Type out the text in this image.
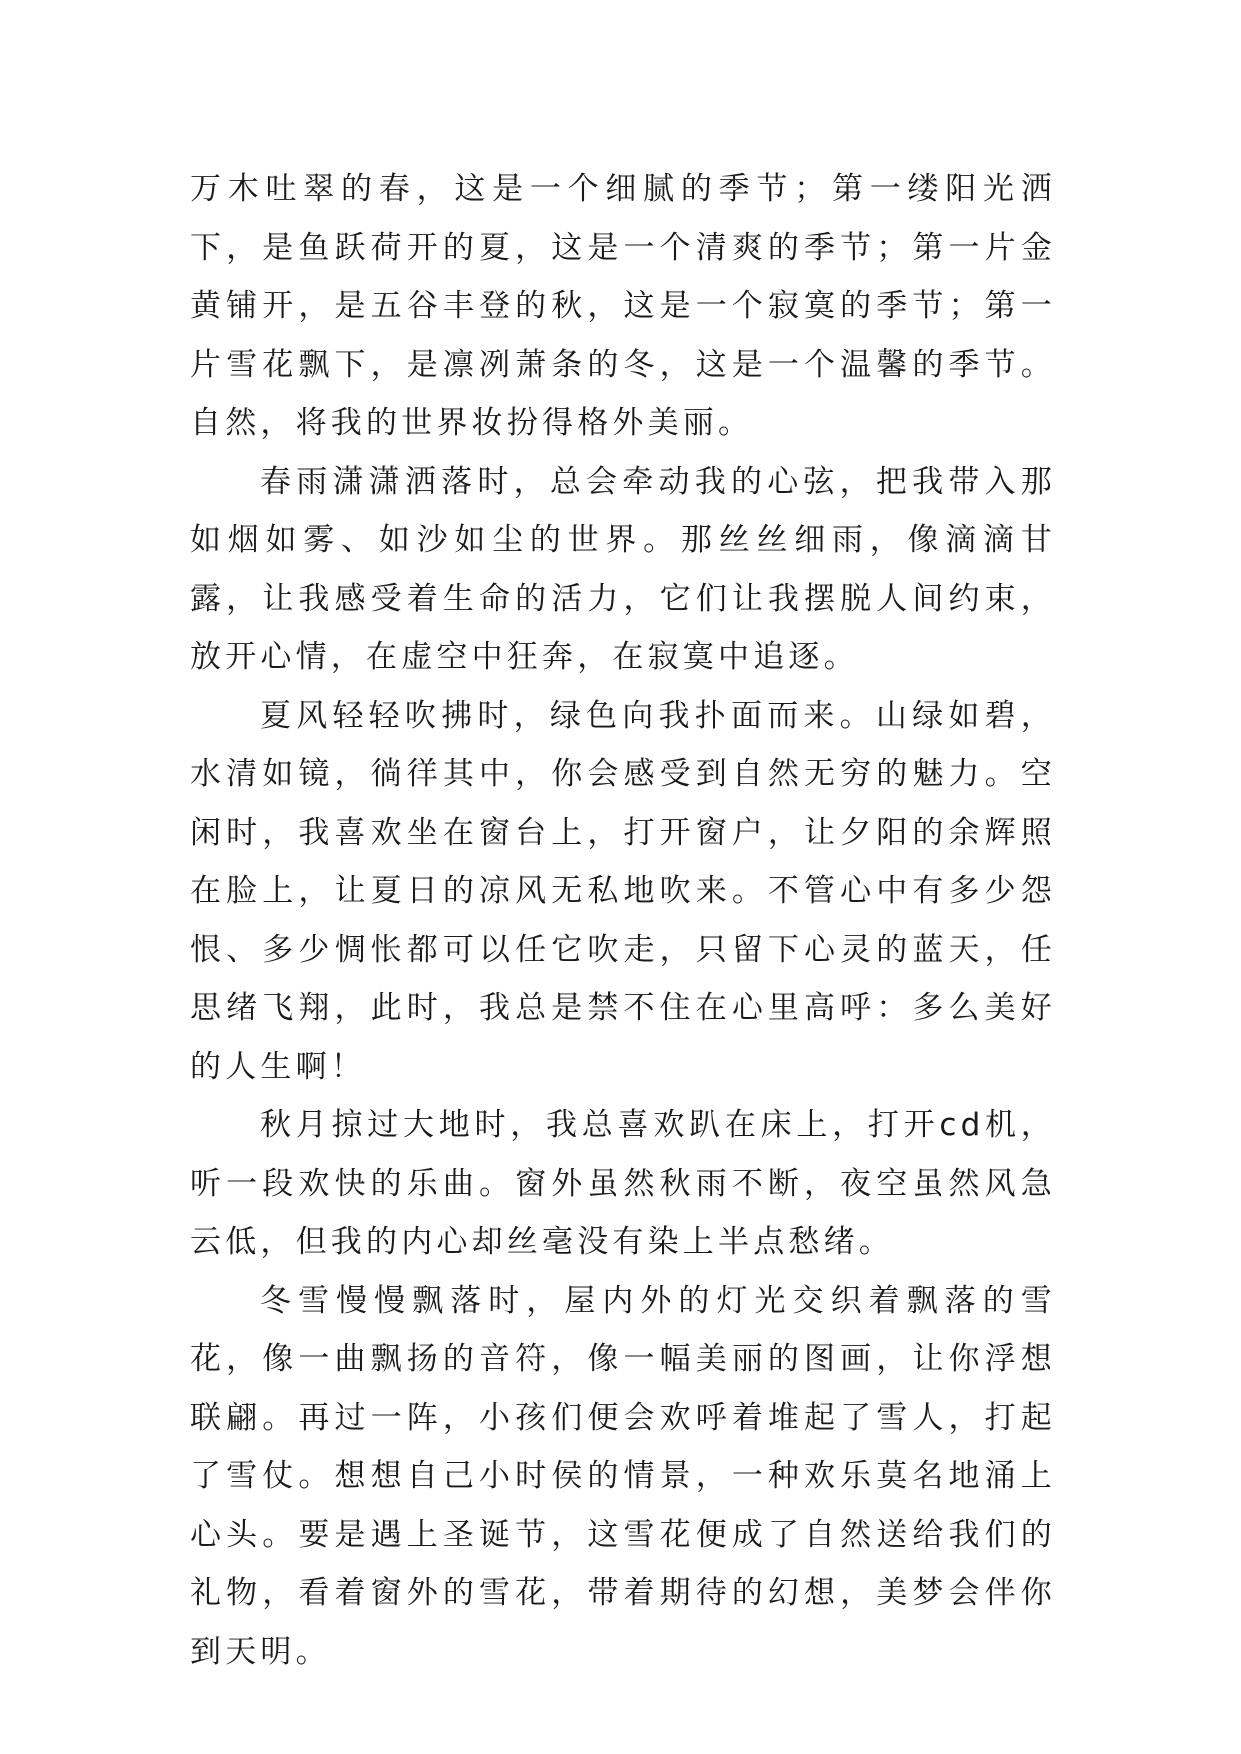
万木吐翠的春，这是一个细腻的季节；第一缕阳光洒下，是鱼跃荷开的夏，这是一个清爽的季节；第一片金黄铺开，是五谷丰登的秋，这是一个寂寞的季节；第一片雪花飘下，是凛冽萧条的冬，这是一个温馨的季节。自然，将我的世界妆扮得格外美丽。

春雨潇潇洒落时，总会牵动我的心弦，把我带入那如烟如雾、如沙如尘的世界。那丝丝细雨，像滴滴甘露，让我感受着生命的活力，它们让我摆脱人间约束，放开心情，在虚空中狂奔，在寂寞中追逐。

夏风轻轻吹拂时，绿色向我扑面而来。山绿如碧，水清如镜，徜徉其中，你会感受到自然无穷的魅力。空闲时，我喜欢坐在窗台上，打开窗户，让夕阳的余辉照在脸上，让夏日的凉风无私地吹来。不管心中有多少怨恨、多少惆怅都可以任它吹走，只留下心灵的蓝天，任思绪飞翔，此时，我总是禁不住在心里高呼：多么美好的人生啊！

秋月掠过大地时，我总喜欢趴在床上，打开cd机，听一段欢快的乐曲。窗外虽然秋雨不断，夜空虽然风急云低，但我的内心却丝毫没有染上半点愁绪。

冬雪慢慢飘落时，屋内外的灯光交织着飘落的雪花，像一曲飘扬的音符，像一幅美丽的图画，让你浮想联翩。再过一阵，小孩们便会欢呼着堆起了雪人，打起了雪仗。想想自己小时侯的情景，一种欢乐莫名地涌上心头。要是遇上圣诞节，这雪花便成了自然送给我们的礼物，看着窗外的雪花，带着期待的幻想，美梦会伴你到天明。
